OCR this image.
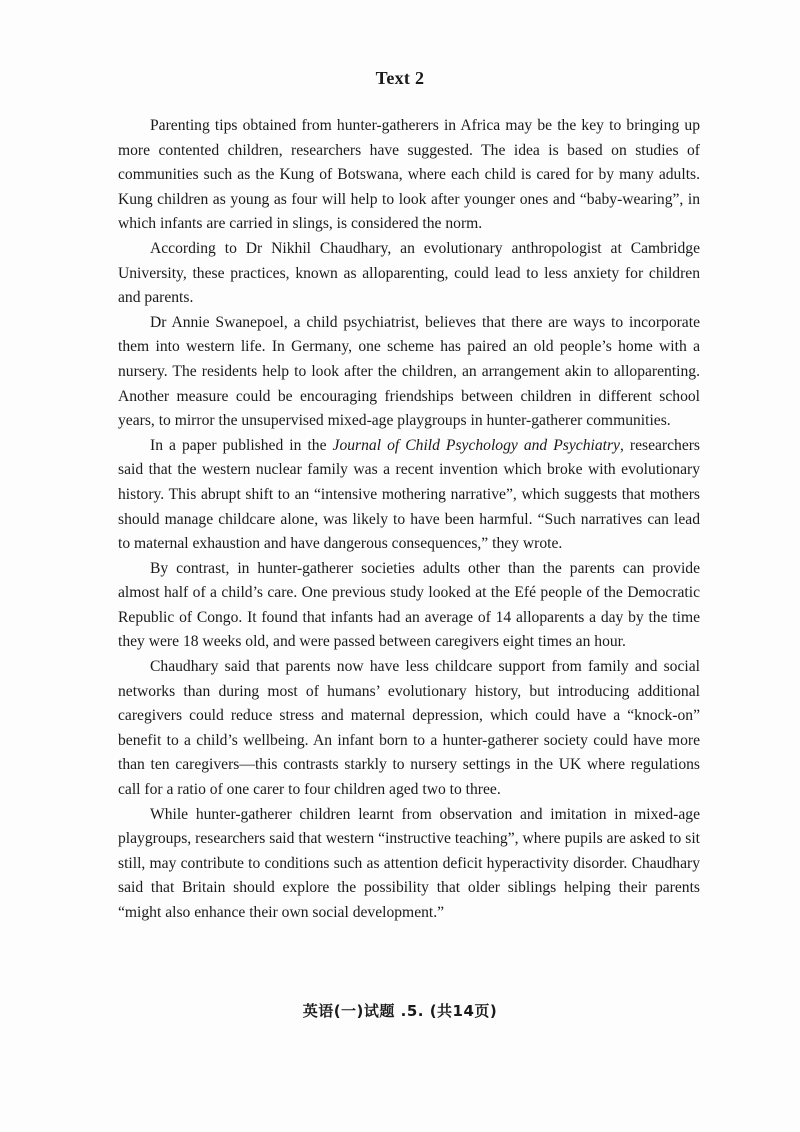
Text 2

Parenting tips obtained from hunter-gatherers in Africa may be the key to bringing up more contented children, researchers have suggested. The idea is based on studies of communities such as the Kung of Botswana, where each child is cared for by many adults. Kung children as young as four will help to look after younger ones and “baby-wearing”, in which infants are carried in slings, is considered the norm.

According to Dr Nikhil Chaudhary, an evolutionary anthropologist at Cambridge University, these practices, known as alloparenting, could lead to less anxiety for children and parents.

Dr Annie Swanepoel, a child psychiatrist, believes that there are ways to incorporate them into western life. In Germany, one scheme has paired an old people’s home with a nursery. The residents help to look after the children, an arrangement akin to alloparenting. Another measure could be encouraging friendships between children in different school years, to mirror the unsupervised mixed-age playgroups in hunter-gatherer communities.

In a paper published in the Journal of Child Psychology and Psychiatry, researchers said that the western nuclear family was a recent invention which broke with evolutionary history. This abrupt shift to an “intensive mothering narrative”, which suggests that mothers should manage childcare alone, was likely to have been harmful. “Such narratives can lead to maternal exhaustion and have dangerous consequences,” they wrote.

By contrast, in hunter-gatherer societies adults other than the parents can provide almost half of a child’s care. One previous study looked at the Efé people of the Democratic Republic of Congo. It found that infants had an average of 14 alloparents a day by the time they were 18 weeks old, and were passed between caregivers eight times an hour.

Chaudhary said that parents now have less childcare support from family and social networks than during most of humans’ evolutionary history, but introducing additional caregivers could reduce stress and maternal depression, which could have a “knock-on” benefit to a child’s wellbeing. An infant born to a hunter-gatherer society could have more than ten caregivers—this contrasts starkly to nursery settings in the UK where regulations call for a ratio of one carer to four children aged two to three.

While hunter-gatherer children learnt from observation and imitation in mixed-age playgroups, researchers said that western “instructive teaching”, where pupils are asked to sit still, may contribute to conditions such as attention deficit hyperactivity disorder. Chaudhary said that Britain should explore the possibility that older siblings helping their parents “might also enhance their own social development.”

英语(一)试题 .5. (共14页)
